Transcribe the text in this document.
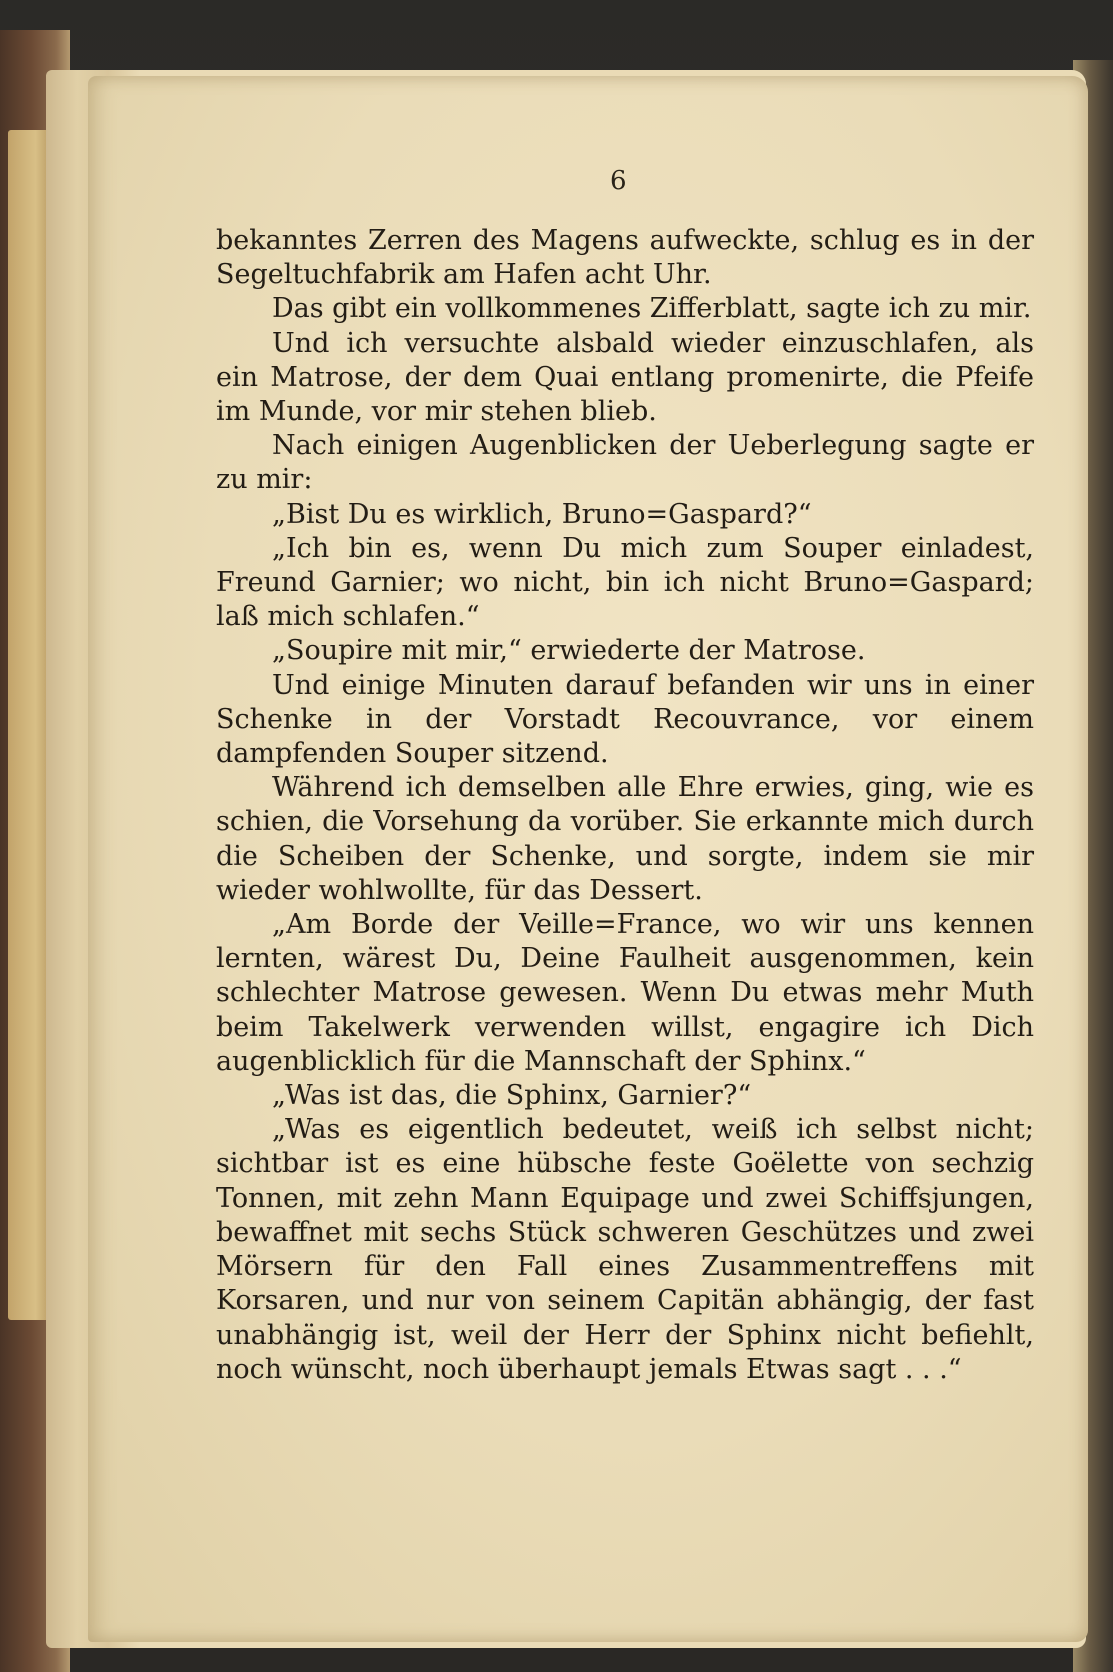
6

bekanntes Zerren des Magens aufweckte, schlug es in der Segeltuchfabrik am Hafen acht Uhr.

Das gibt ein vollkommenes Zifferblatt, sagte ich zu mir.

Und ich versuchte alsbald wieder einzuschlafen, als ein Matrose, der dem Quai entlang promenirte, die Pfeife im Munde, vor mir stehen blieb.

Nach einigen Augenblicken der Ueberlegung sagte er zu mir:

„Bist Du es wirklich, Bruno=Gaspard?“

„Ich bin es, wenn Du mich zum Souper einladest, Freund Garnier; wo nicht, bin ich nicht Bruno=Gaspard; laß mich schlafen.“

„Soupire mit mir,“ erwiederte der Matrose.

Und einige Minuten darauf befanden wir uns in einer Schenke in der Vorstadt Recouvrance, vor einem dampfenden Souper sitzend.

Während ich demselben alle Ehre erwies, ging, wie es schien, die Vorsehung da vorüber. Sie erkannte mich durch die Scheiben der Schenke, und sorgte, indem sie mir wieder wohlwollte, für das Dessert.

„Am Borde der Veille=France, wo wir uns kennen lernten, wärest Du, Deine Faulheit ausgenommen, kein schlechter Matrose gewesen. Wenn Du etwas mehr Muth beim Takelwerk verwenden willst, engagire ich Dich augenblicklich für die Mannschaft der Sphinx.“

„Was ist das, die Sphinx, Garnier?“

„Was es eigentlich bedeutet, weiß ich selbst nicht; sichtbar ist es eine hübsche feste Goëlette von sechzig Tonnen, mit zehn Mann Equipage und zwei Schiffsjungen, bewaffnet mit sechs Stück schweren Geschützes und zwei Mörsern für den Fall eines Zusammentreffens mit Korsaren, und nur von seinem Capitän abhängig, der fast unabhängig ist, weil der Herr der Sphinx nicht befiehlt, noch wünscht, noch überhaupt jemals Etwas sagt . . .“
